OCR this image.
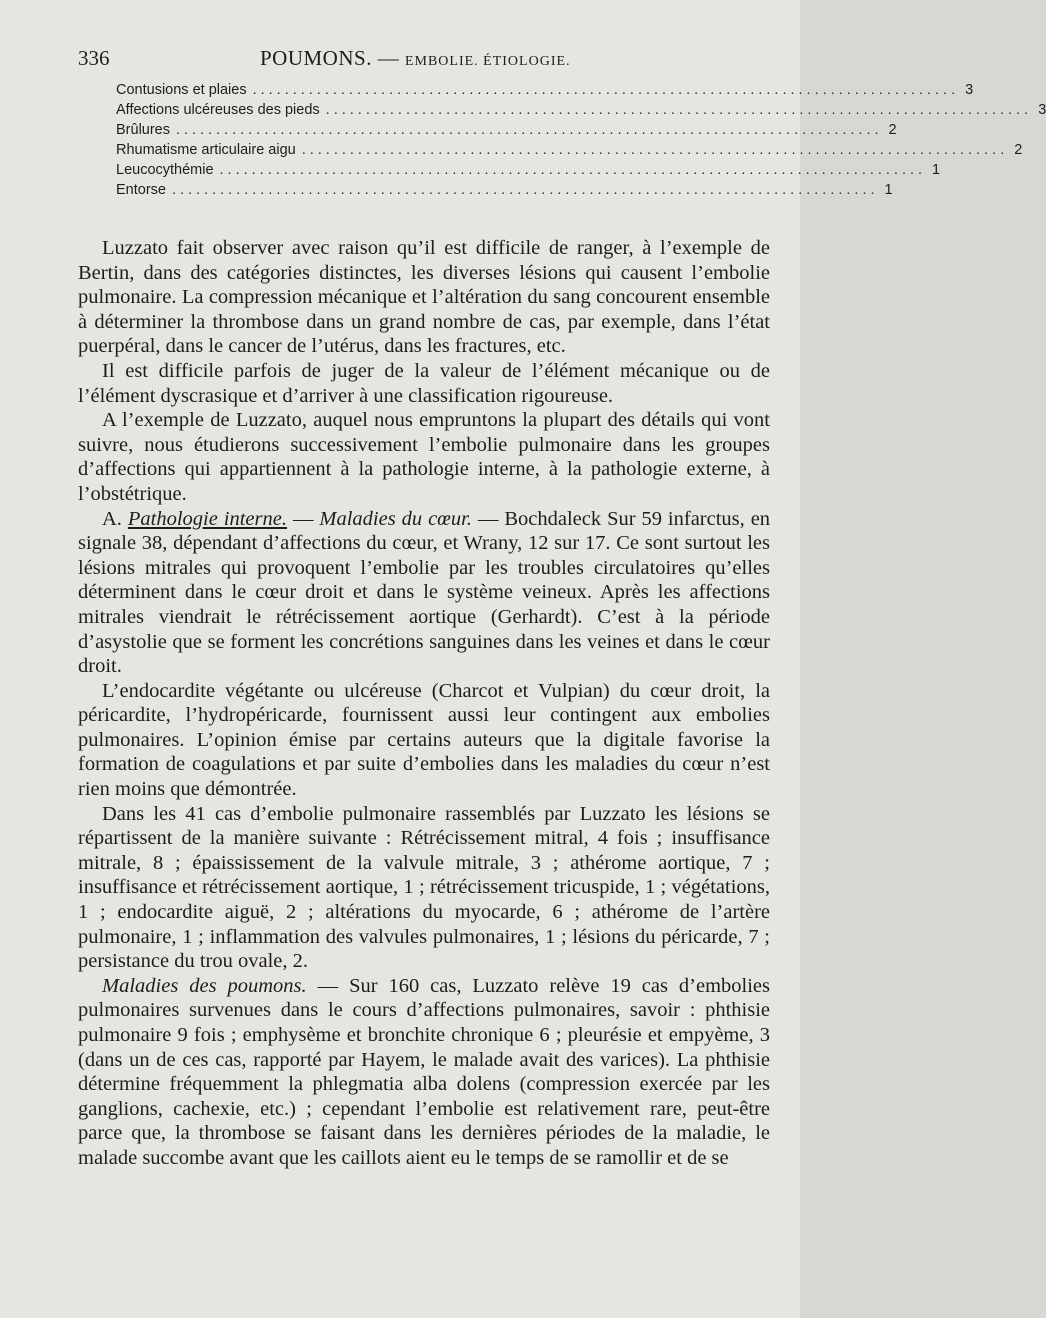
336	POUMONS. — EMBOLIE. ÉTIOLOGIE.
Contusions et plaies ........................................................................................ 3
Affections ulcéreuses des pieds ........................................................................................ 3
Brûlures ........................................................................................ 2
Rhumatisme articulaire aigu ........................................................................................ 2
Leucocythémie ........................................................................................ 1
Entorse ........................................................................................ 1

Luzzato fait observer avec raison qu’il est difficile de ranger, à l’exemple de Bertin, dans des catégories distinctes, les diverses lésions qui causent l’embolie pulmonaire. La compression mécanique et l’altération du sang concourent ensemble à déterminer la thrombose dans un grand nombre de cas, par exemple, dans l’état puerpéral, dans le cancer de l’utérus, dans les fractures, etc.

Il est difficile parfois de juger de la valeur de l’élément mécanique ou de l’élément dyscrasique et d’arriver à une classification rigoureuse.

A l’exemple de Luzzato, auquel nous empruntons la plupart des détails qui vont suivre, nous étudierons successivement l’embolie pulmonaire dans les groupes d’affections qui appartiennent à la pathologie interne, à la pathologie externe, à l’obstétrique.

A. Pathologie interne. — Maladies du cœur. — Bochdaleck Sur 59 infarctus, en signale 38, dépendant d’affections du cœur, et Wrany, 12 sur 17. Ce sont surtout les lésions mitrales qui provoquent l’embolie par les troubles circulatoires qu’elles déterminent dans le cœur droit et dans le système veineux. Après les affections mitrales viendrait le rétrécissement aortique (Gerhardt). C’est à la période d’asystolie que se forment les concrétions sanguines dans les veines et dans le cœur droit.

L’endocardite végétante ou ulcéreuse (Charcot et Vulpian) du cœur droit, la péricardite, l’hydropéricarde, fournissent aussi leur contingent aux embolies pulmonaires. L’opinion émise par certains auteurs que la digitale favorise la formation de coagulations et par suite d’embolies dans les maladies du cœur n’est rien moins que démontrée.

Dans les 41 cas d’embolie pulmonaire rassemblés par Luzzato les lésions se répartissent de la manière suivante : Rétrécissement mitral, 4 fois ; insuffisance mitrale, 8 ; épaississement de la valvule mitrale, 3 ; athérome aortique, 7 ; insuffisance et rétrécissement aortique, 1 ; rétrécissement tricuspide, 1 ; végétations, 1 ; endocardite aiguë, 2 ; altérations du myocarde, 6 ; athérome de l’artère pulmonaire, 1 ; inflammation des valvules pulmonaires, 1 ; lésions du péricarde, 7 ; persistance du trou ovale, 2.

Maladies des poumons. — Sur 160 cas, Luzzato relève 19 cas d’embolies pulmonaires survenues dans le cours d’affections pulmonaires, savoir : phthisie pulmonaire 9 fois ; emphysème et bronchite chronique 6 ; pleurésie et empyème, 3 (dans un de ces cas, rapporté par Hayem, le malade avait des varices). La phthisie détermine fréquemment la phlegmatia alba dolens (compression exercée par les ganglions, cachexie, etc.) ; cependant l’embolie est relativement rare, peut-être parce que, la thrombose se faisant dans les dernières périodes de la maladie, le malade succombe avant que les caillots aient eu le temps de se ramollir et de se
